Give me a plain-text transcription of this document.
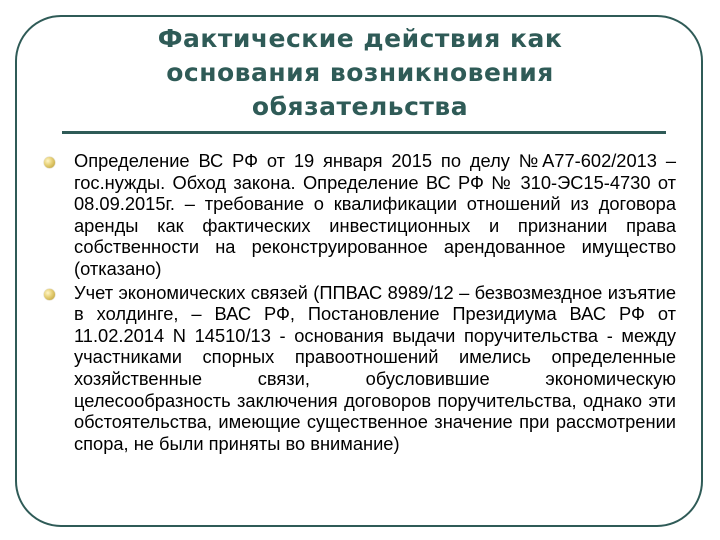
Фактические действия как
основания возникновения
обязательства
Определение ВС РФ от 19 января 2015 по делу №А77-602/2013 – гос.нужды. Обход закона. Определение ВС РФ № 310-ЭС15-4730 от 08.09.2015г. – требование о квалификации отношений из договора аренды как фактических инвестиционных и признании права собственности на реконструированное арендованное имущество (отказано)
Учет экономических связей (ППВАС 8989/12 – безвозмездное изъятие в холдинге, – ВАС РФ, Постановление Президиума ВАС РФ от 11.02.2014 N 14510/13 - основания выдачи поручительства - между участниками спорных правоотношений имелись определенные хозяйственные связи, обусловившие экономическую целесообразность заключения договоров поручительства, однако эти обстоятельства, имеющие существенное значение при рассмотрении спора, не были приняты во внимание)
